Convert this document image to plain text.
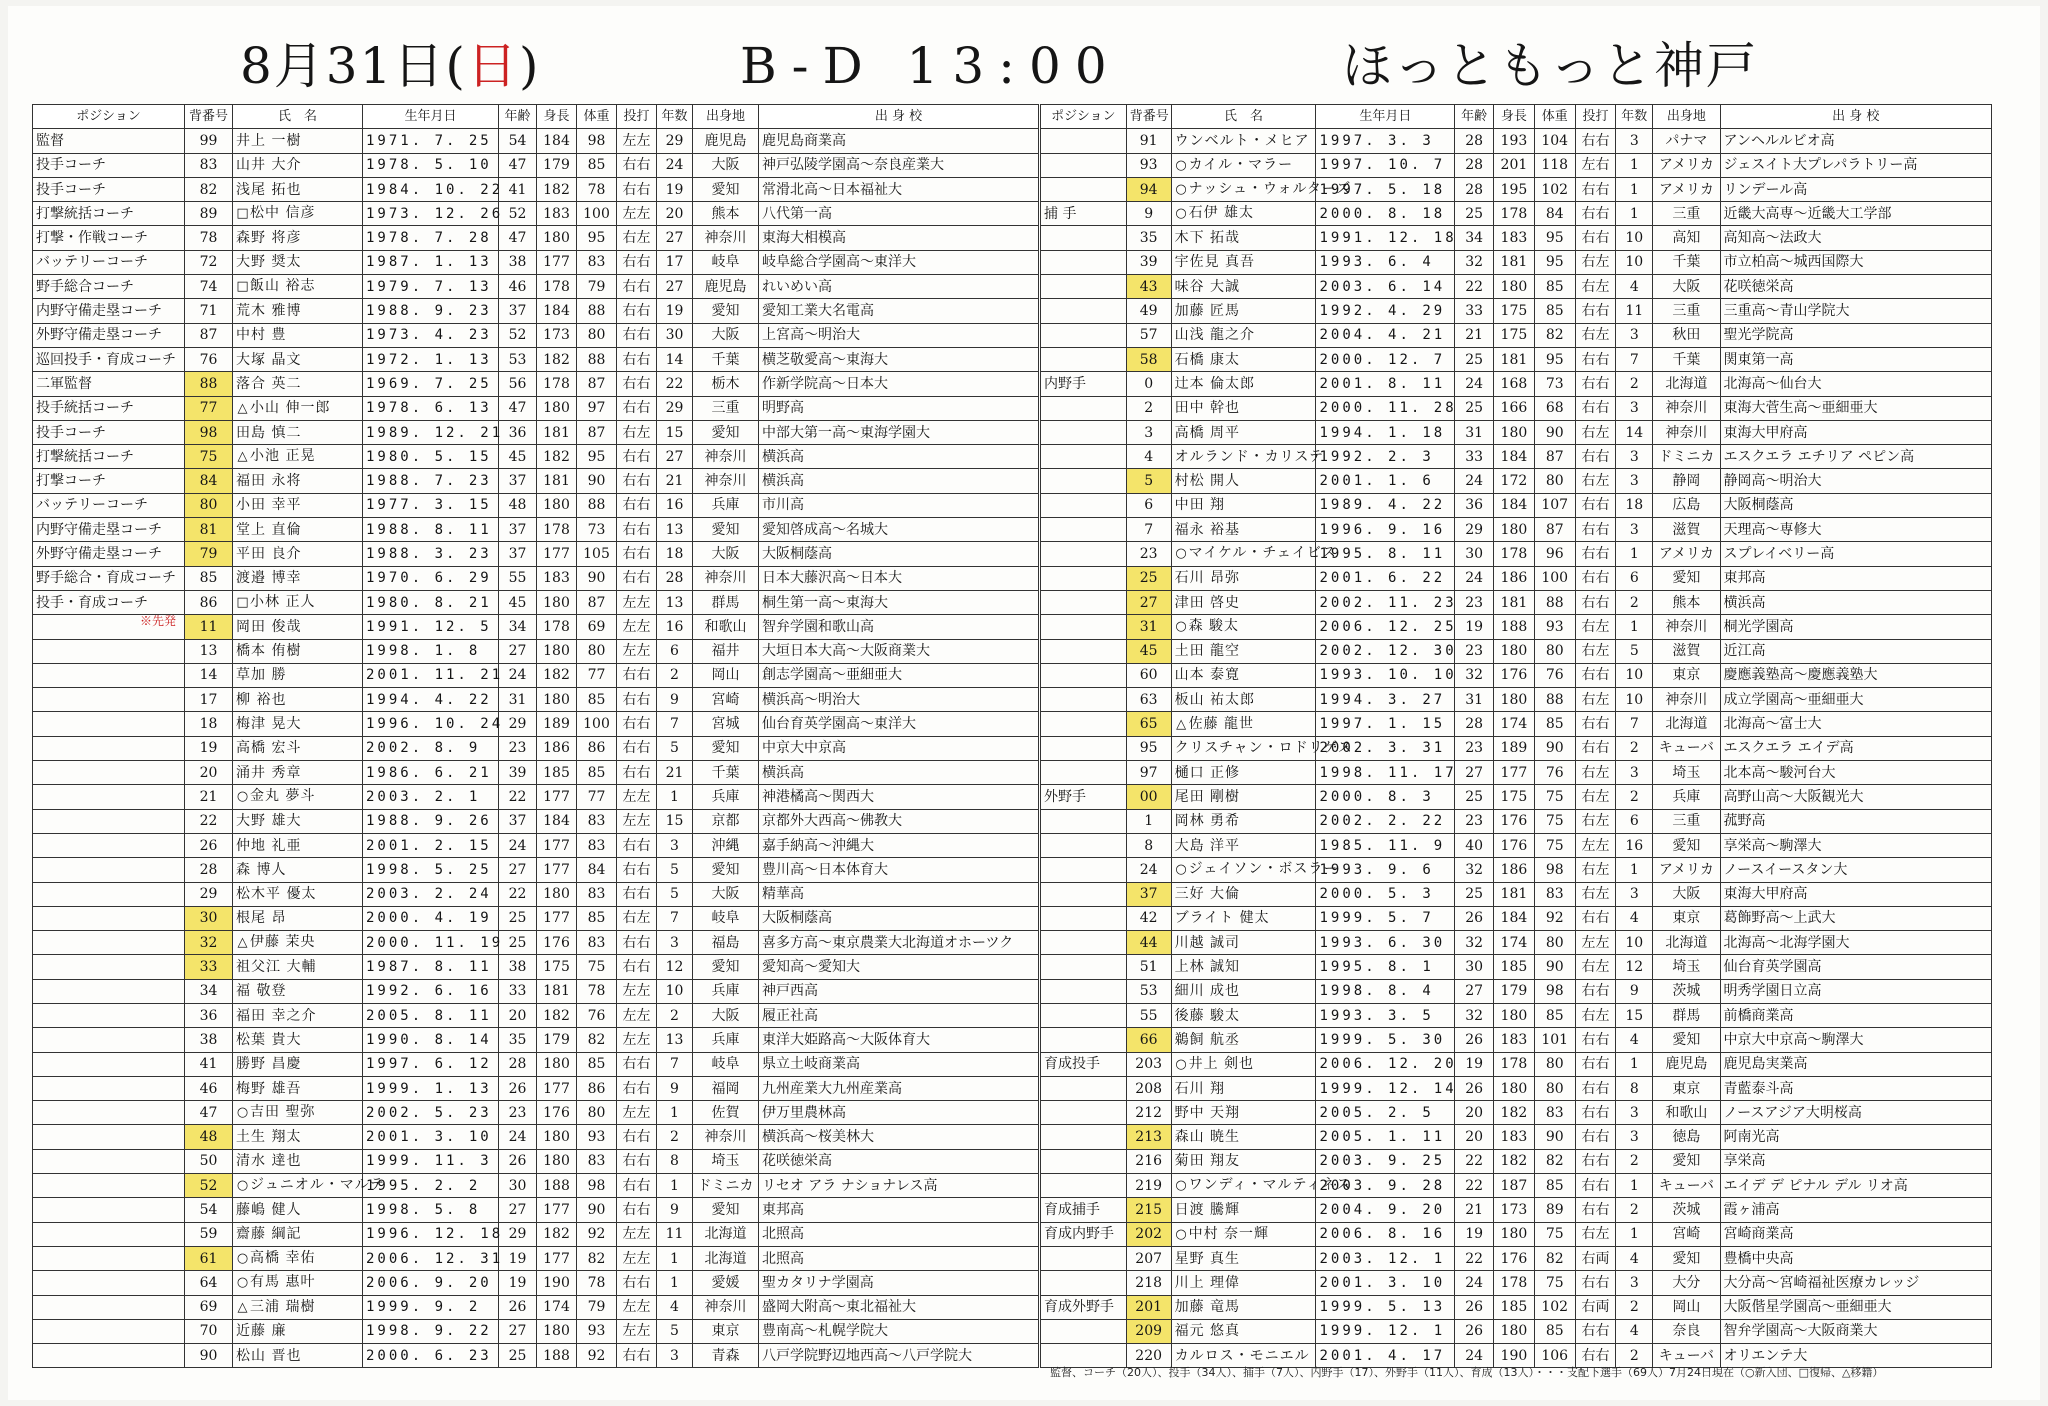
8月31日(日)	B-D 13:00	ほっともっと神戸
ポジション	背番号	氏　名	生年月日	年齢	身長	体重	投打	年数	出身地	出 身 校
監督	99	井上 一樹	1971. 7. 25	54	184	98	左左	29	鹿児島	鹿児島商業高
投手コーチ	83	山井 大介	1978. 5. 10	47	179	85	右右	24	大阪	神戸弘陵学園高～奈良産業大
投手コーチ	82	浅尾 拓也	1984. 10. 22	41	182	78	右右	19	愛知	常滑北高～日本福祉大
打撃統括コーチ	89	□松中 信彦	1973. 12. 26	52	183	100	左左	20	熊本	八代第一高
打撃・作戦コーチ	78	森野 将彦	1978. 7. 28	47	180	95	右左	27	神奈川	東海大相模高
バッテリーコーチ	72	大野 奨太	1987. 1. 13	38	177	83	右右	17	岐阜	岐阜総合学園高～東洋大
野手総合コーチ	74	□飯山 裕志	1979. 7. 13	46	178	79	右右	27	鹿児島	れいめい高
内野守備走塁コーチ	71	荒木 雅博	1988. 9. 23	37	184	88	右右	19	愛知	愛知工業大名電高
外野守備走塁コーチ	87	中村 豊	1973. 4. 23	52	173	80	右右	30	大阪	上宮高～明治大
巡回投手・育成コーチ	76	大塚 晶文	1972. 1. 13	53	182	88	右右	14	千葉	横芝敬愛高～東海大
二軍監督	88	落合 英二	1969. 7. 25	56	178	87	右右	22	栃木	作新学院高～日本大
投手統括コーチ	77	△ 小山 伸一郎	1978. 6. 13	47	180	97	右右	29	三重	明野高
投手コーチ	98	田島 慎二	1989. 12. 21	36	181	87	右左	15	愛知	中部大第一高～東海学園大
打撃統括コーチ	75	△ 小池 正晃	1980. 5. 15	45	182	95	右右	27	神奈川	横浜高
打撃コーチ	84	福田 永将	1988. 7. 23	37	181	90	右右	21	神奈川	横浜高
バッテリーコーチ	80	小田 幸平	1977. 3. 15	48	180	88	右右	16	兵庫	市川高
内野守備走塁コーチ	81	堂上 直倫	1988. 8. 11	37	178	73	右右	13	愛知	愛知啓成高～名城大
外野守備走塁コーチ	79	平田 良介	1988. 3. 23	37	177	105	右右	18	大阪	大阪桐蔭高
野手総合・育成コーチ	85	渡邉 博幸	1970. 6. 29	55	183	90	右右	28	神奈川	日本大藤沢高～日本大
投手・育成コーチ	86	□小林 正人	1980. 8. 21	45	180	87	左左	13	群馬	桐生第一高～東海大
	11	岡田 俊哉	1991. 12. 5	34	178	69	左左	16	和歌山	智弁学園和歌山高
	13	橋本 侑樹	1998. 1. 8	27	180	80	左左	6	福井	大垣日本大高～大阪商業大
	14	草加 勝	2001. 11. 21	24	182	77	右右	2	岡山	創志学園高～亜細亜大
	17	柳 裕也	1994. 4. 22	31	180	85	右右	9	宮崎	横浜高～明治大
	18	梅津 晃大	1996. 10. 24	29	189	100	右右	7	宮城	仙台育英学園高～東洋大
	19	高橋 宏斗	2002. 8. 9	23	186	86	右右	5	愛知	中京大中京高
	20	涌井 秀章	1986. 6. 21	39	185	85	右右	21	千葉	横浜高
	21	○金丸 夢斗	2003. 2. 1	22	177	77	左左	1	兵庫	神港橘高～関西大
	22	大野 雄大	1988. 9. 26	37	184	83	左左	15	京都	京都外大西高～佛教大
	26	仲地 礼亜	2001. 2. 15	24	177	83	右右	3	沖縄	嘉手納高～沖縄大
	28	森 博人	1998. 5. 25	27	177	84	右右	5	愛知	豊川高～日本体育大
	29	松木平 優太	2003. 2. 24	22	180	83	右右	5	大阪	精華高
	30	根尾 昂	2000. 4. 19	25	177	85	右左	7	岐阜	大阪桐蔭高
	32	△ 伊藤 茉央	2000. 11. 19	25	176	83	右右	3	福島	喜多方高～東京農業大北海道オホーツク
	33	祖父江 大輔	1987. 8. 11	38	175	75	右右	12	愛知	愛知高～愛知大
	34	福 敬登	1992. 6. 16	33	181	78	左左	10	兵庫	神戸西高
	36	福田 幸之介	2005. 8. 11	20	182	76	左左	2	大阪	履正社高
	38	松葉 貴大	1990. 8. 14	35	179	82	左左	13	兵庫	東洋大姫路高～大阪体育大
	41	勝野 昌慶	1997. 6. 12	28	180	85	右右	7	岐阜	県立土岐商業高
	46	梅野 雄吾	1999. 1. 13	26	177	86	右右	9	福岡	九州産業大九州産業高
	47	○吉田 聖弥	2002. 5. 23	23	176	80	左左	1	佐賀	伊万里農林高
	48	土生 翔太	2001. 3. 10	24	180	93	右右	2	神奈川	横浜高～桜美林大
	50	清水 達也	1999. 11. 3	26	180	83	右右	8	埼玉	花咲徳栄高
	52	○ジュニオル・マルテ	1995. 2. 2	30	188	98	右右	1	ドミニカ	リセオ アラ ナショナレス高
	54	藤嶋 健人	1998. 5. 8	27	177	90	右右	9	愛知	東邦高
	59	齋藤 綱記	1996. 12. 18	29	182	92	左左	11	北海道	北照高
	61	○高橋 幸佑	2006. 12. 31	19	177	82	左左	1	北海道	北照高
	64	○有馬 惠叶	2006. 9. 20	19	190	78	右右	1	愛媛	聖カタリナ学園高
	69	△ 三浦 瑞樹	1999. 9. 2	26	174	79	左左	4	神奈川	盛岡大附高～東北福祉大
	70	近藤 廉	1998. 9. 22	27	180	93	左左	5	東京	豊南高～札幌学院大
	90	松山 晋也	2000. 6. 23	25	188	92	右右	3	青森	八戸学院野辺地西高～八戸学院大
ポジション	背番号	氏　名	生年月日	年齢	身長	体重	投打	年数	出身地	出 身 校
	91	ウンベルト・メヒア	1997. 3. 3	28	193	104	右右	3	パナマ	アンヘルルビオ高
	93	○カイル・マラー	1997. 10. 7	28	201	118	左右	1	アメリカ	ジェスイト大プレパラトリー高
	94	○ナッシュ・ウォルターズ	1997. 5. 18	28	195	102	右右	1	アメリカ	リンデール高
捕 手	9	○石伊 雄太	2000. 8. 18	25	178	84	右右	1	三重	近畿大高専～近畿大工学部
	35	木下 拓哉	1991. 12. 18	34	183	95	右右	10	高知	高知高～法政大
	39	宇佐見 真吾	1993. 6. 4	32	181	95	右左	10	千葉	市立柏高～城西国際大
	43	味谷 大誠	2003. 6. 14	22	180	85	右左	4	大阪	花咲徳栄高
	49	加藤 匠馬	1992. 4. 29	33	175	85	右右	11	三重	三重高～青山学院大
	57	山浅 龍之介	2004. 4. 21	21	175	82	右左	3	秋田	聖光学院高
	58	石橋 康太	2000. 12. 7	25	181	95	右右	7	千葉	関東第一高
内野手	0	辻本 倫太郎	2001. 8. 11	24	168	73	右右	2	北海道	北海高～仙台大
	2	田中 幹也	2000. 11. 28	25	166	68	右右	3	神奈川	東海大菅生高～亜細亜大
	3	高橋 周平	1994. 1. 18	31	180	90	右左	14	神奈川	東海大甲府高
	4	オルランド・カリステ	1992. 2. 3	33	184	87	右右	3	ドミニカ	エスクエラ エチリア ペピン高
	5	村松 開人	2001. 1. 6	24	172	80	右左	3	静岡	静岡高～明治大
	6	中田 翔	1989. 4. 22	36	184	107	右右	18	広島	大阪桐蔭高
	7	福永 裕基	1996. 9. 16	29	180	87	右右	3	滋賀	天理高～専修大
	23	○マイケル・チェイビス	1995. 8. 11	30	178	96	右右	1	アメリカ	スプレイベリー高
	25	石川 昂弥	2001. 6. 22	24	186	100	右右	6	愛知	東邦高
	27	津田 啓史	2002. 11. 23	23	181	88	右右	2	熊本	横浜高
	31	○森 駿太	2006. 12. 25	19	188	93	右左	1	神奈川	桐光学園高
	45	土田 龍空	2002. 12. 30	23	180	80	右左	5	滋賀	近江高
	60	山本 泰寛	1993. 10. 10	32	176	76	右右	10	東京	慶應義塾高～慶應義塾大
	63	板山 祐太郎	1994. 3. 27	31	180	88	右左	10	神奈川	成立学園高～亜細亜大
	65	△ 佐藤 龍世	1997. 1. 15	28	174	85	右右	7	北海道	北海高～富士大
	95	クリスチャン・ロドリゲス	2002. 3. 31	23	189	90	右右	2	キューバ	エスクエラ エイデ高
	97	樋口 正修	1998. 11. 17	27	177	76	右左	3	埼玉	北本高～駿河台大
外野手	00	尾田 剛樹	2000. 8. 3	25	175	75	右左	2	兵庫	高野山高～大阪観光大
	1	岡林 勇希	2002. 2. 22	23	176	75	右左	6	三重	菰野高
	8	大島 洋平	1985. 11. 9	40	176	75	左左	16	愛知	享栄高～駒澤大
	24	○ジェイソン・ボスラー	1993. 9. 6	32	186	98	右左	1	アメリカ	ノースイースタン大
	37	三好 大倫	2000. 5. 3	25	181	83	右左	3	大阪	東海大甲府高
	42	ブライト 健太	1999. 5. 7	26	184	92	右右	4	東京	葛飾野高～上武大
	44	川越 誠司	1993. 6. 30	32	174	80	左左	10	北海道	北海高～北海学園大
	51	上林 誠知	1995. 8. 1	30	185	90	右左	12	埼玉	仙台育英学園高
	53	細川 成也	1998. 8. 4	27	179	98	右右	9	茨城	明秀学園日立高
	55	後藤 駿太	1993. 3. 5	32	180	85	右左	15	群馬	前橋商業高
	66	鵜飼 航丞	1999. 5. 30	26	183	101	右右	4	愛知	中京大中京高～駒澤大
育成投手	203	○井上 剣也	2006. 12. 20	19	178	80	右右	1	鹿児島	鹿児島実業高
	208	石川 翔	1999. 12. 14	26	180	80	右右	8	東京	青藍泰斗高
	212	野中 天翔	2005. 2. 5	20	182	83	右右	3	和歌山	ノースアジア大明桜高
	213	森山 暁生	2005. 1. 11	20	183	90	右右	3	徳島	阿南光高
	216	菊田 翔友	2003. 9. 25	22	182	82	右右	2	愛知	享栄高
	219	○ワンディ・マルティネス	2003. 9. 28	22	187	85	右右	1	キューバ	エイデ デ ピナル デル リオ高
育成捕手	215	日渡 騰輝	2004. 9. 20	21	173	89	右右	2	茨城	霞ヶ浦高
育成内野手	202	○中村 奈一輝	2006. 8. 16	19	180	75	右左	1	宮崎	宮崎商業高
	207	星野 真生	2003. 12. 1	22	176	82	右両	4	愛知	豊橋中央高
	218	川上 理偉	2001. 3. 10	24	178	75	右右	3	大分	大分高～宮崎福祉医療カレッジ
育成外野手	201	加藤 竜馬	1999. 5. 13	26	185	102	右両	2	岡山	大阪偕星学園高～亜細亜大
	209	福元 悠真	1999. 12. 1	26	180	85	右右	4	奈良	智弁学園高～大阪商業大
	220	カルロス・モニエル	2001. 4. 17	24	190	106	右右	2	キューバ	オリエンテ大
※先発
監督、コーチ（20人）、投手（34人）、捕手（7人）、内野手（17）、外野手（11人）、育成（13人）・・・支配下選手（69人）7月24日現在（○新入団、□復帰、△移籍）
